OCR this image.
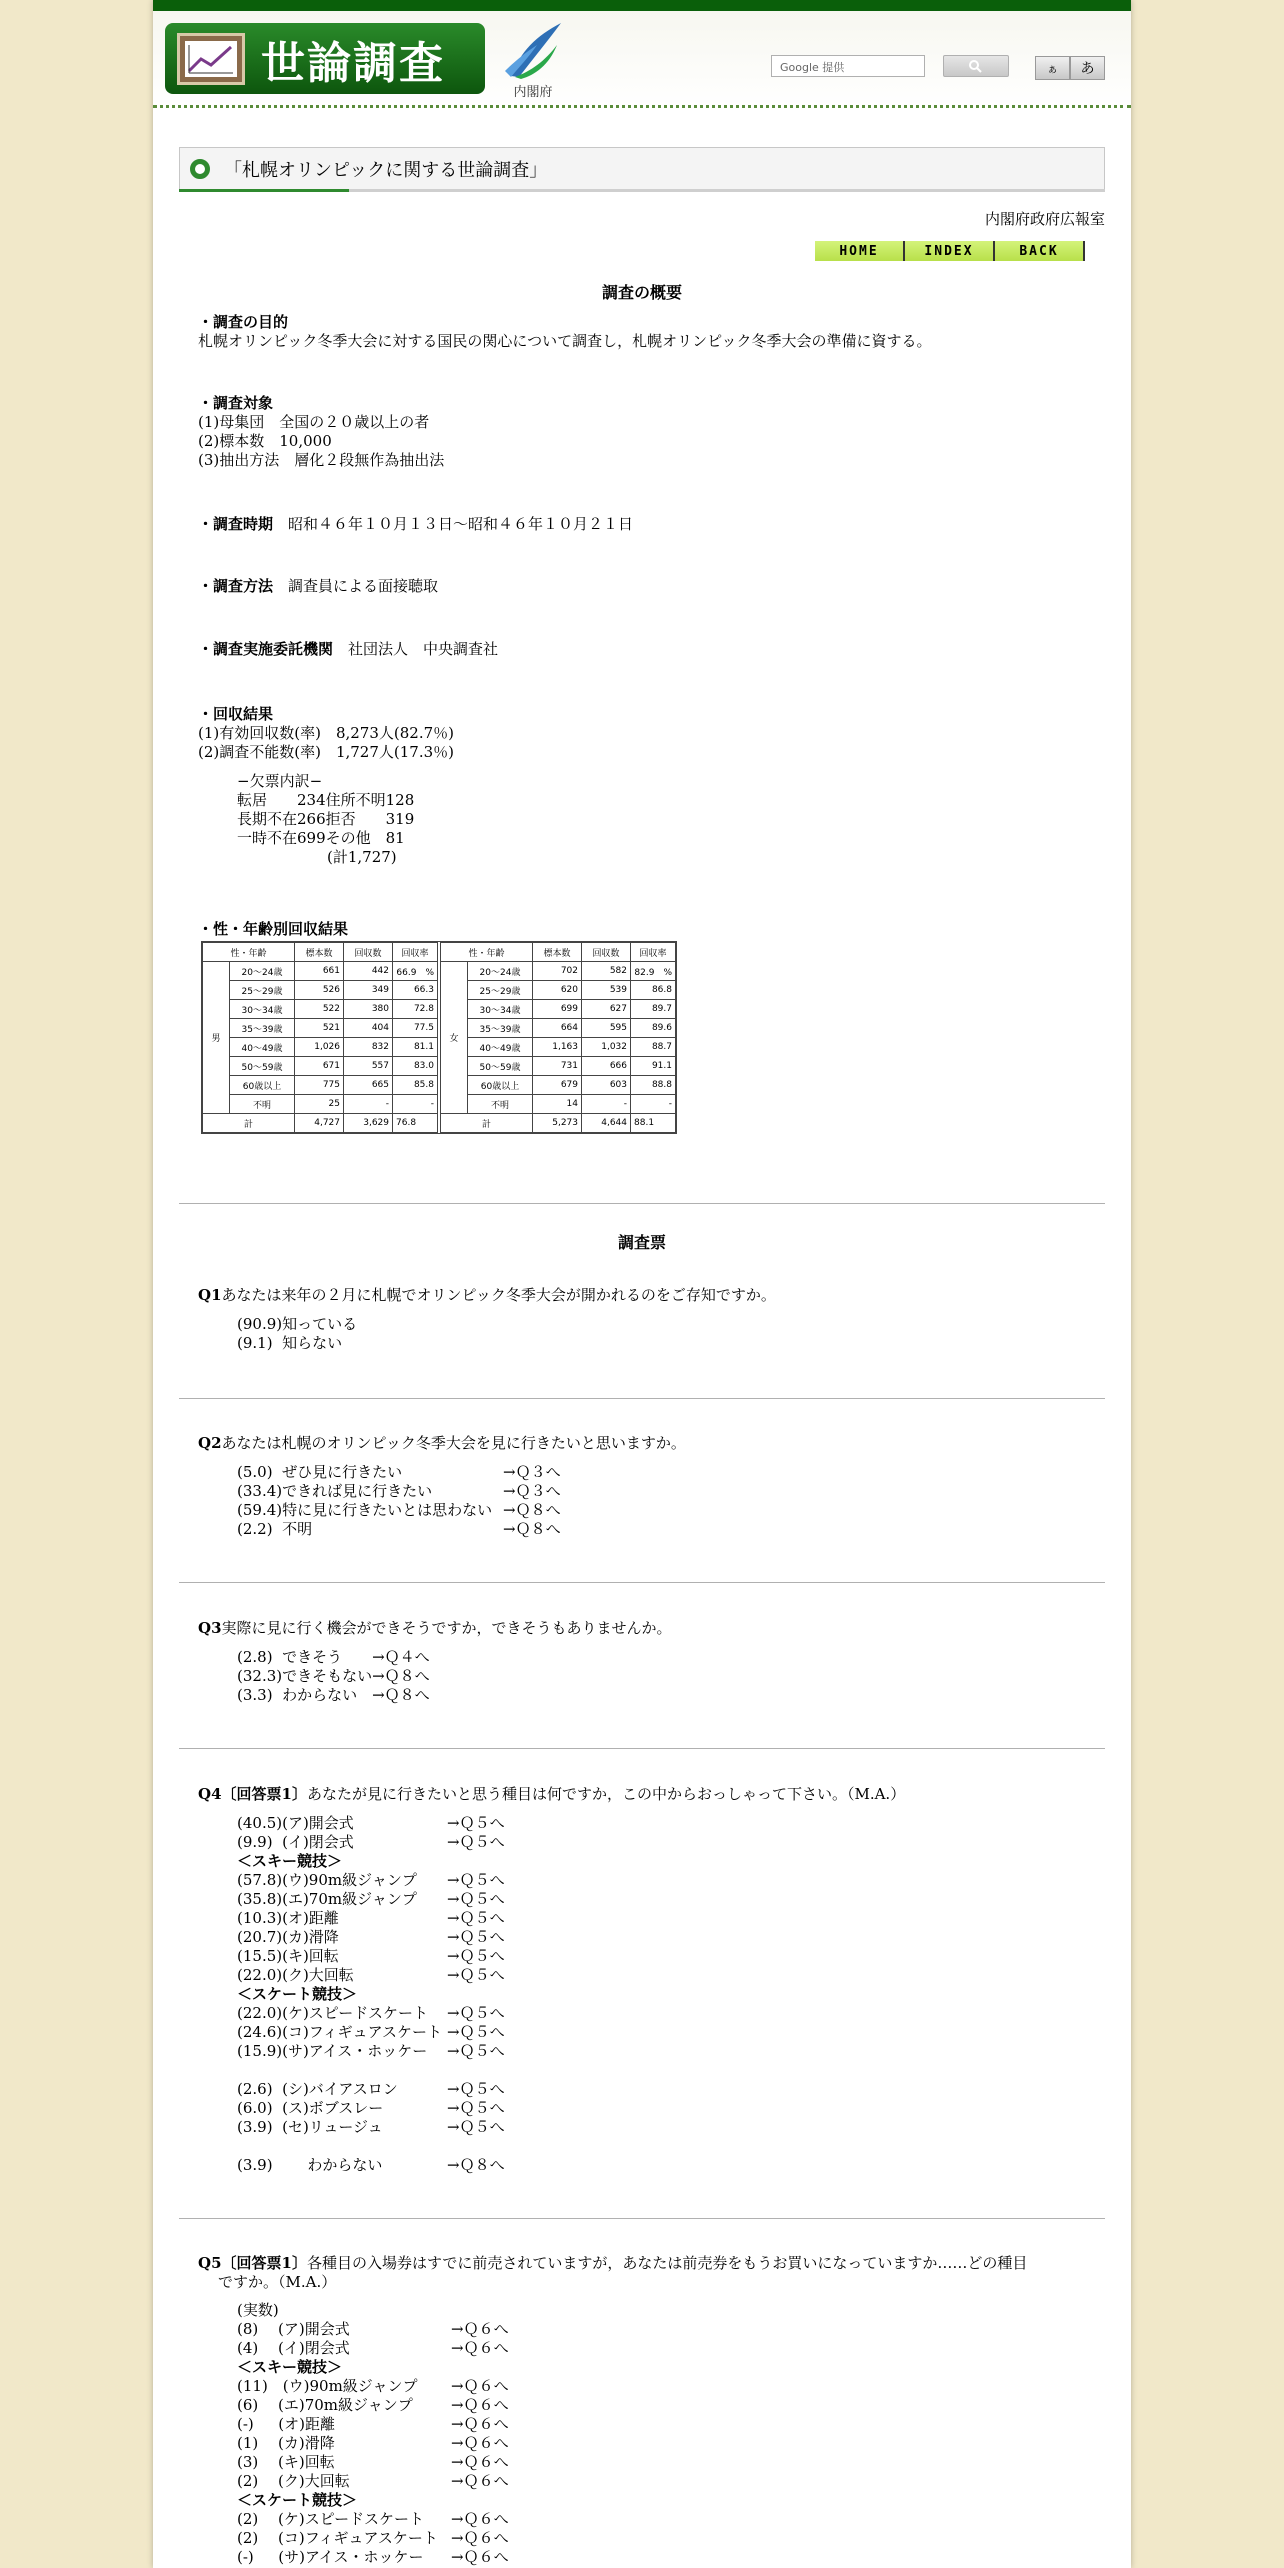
世論調査
内閣府
Google 提供	ぁ	あ
「札幌オリンピックに関する世論調査」
内閣府政府広報室
HOME	INDEX	BACK
調査の概要
・調査の目的
札幌オリンピック冬季大会に対する国民の関心について調査し，札幌オリンピック冬季大会の準備に資する。
・調査対象
(1)母集団　全国の２０歳以上の者
(2)標本数　10,000
(3)抽出方法　層化２段無作為抽出法
・調査時期　 昭和４６年１０月１３日〜昭和４６年１０月２１日
・調査方法　 調査員による面接聴取
・調査実施委託機関　 社団法人　中央調査社
・回収結果
(1)有効回収数(率)　8,273人(82.7％)
(2)調査不能数(率)　1,727人(17.3％)
−欠票内訳−
転居　　234住所不明128
長期不在266拒否　　319
一時不在699その他　81
　　　　　　(計1,727)
・性・年齢別回収結果
性・年齢		標本数	回収数	回収率
男	20〜24歳	661	442	66.9　%
	25〜29歳	526	349	66.3
	30〜34歳	522	380	72.8
	35〜39歳	521	404	77.5
	40〜49歳	1,026	832	81.1
	50〜59歳	671	557	83.0
	60歳以上	775	665	85.8
	不明	25	-	-
計		4,727	3,629	76.8
性・年齢		標本数	回収数	回収率
女	20〜24歳	702	582	82.9　%
	25〜29歳	620	539	86.8
	30〜34歳	699	627	89.7
	35〜39歳	664	595	89.6
	40〜49歳	1,163	1,032	88.7
	50〜59歳	731	666	91.1
	60歳以上	679	603	88.8
	不明	14	-	-
計		5,273	4,644	88.1
調査票
Q1あなたは来年の２月に札幌でオリンピック冬季大会が開かれるのをご存知ですか。
(90.9)知っている
(9.1)  知らない
Q2あなたは札幌のオリンピック冬季大会を見に行きたいと思いますか。
(5.0)  ぜひ見に行きたい	→Ｑ３へ
(33.4)できれば見に行きたい	→Ｑ３へ
(59.4)特に見に行きたいとは思わない →Ｑ８へ
(2.2)  不明	→Ｑ８へ
Q3実際に見に行く機会ができそうですか，できそうもありませんか。
(2.8)  できそう　　→Ｑ４へ
(32.3)できそもない→Ｑ８へ
(3.3)  わからない　→Ｑ８へ
Q4〔回答票1〕あなたが見に行きたいと思う種目は何ですか，この中からおっしゃって下さい。（M.A.）
(40.5)(ア)開会式	→Ｑ５へ
(9.9)  (イ)閉会式	→Ｑ５へ
＜スキー競技＞
(57.8)(ウ)90m級ジャンプ →Ｑ５へ
(35.8)(エ)70m級ジャンプ →Ｑ５へ
(10.3)(オ)距離	→Ｑ５へ
(20.7)(カ)滑降	→Ｑ５へ
(15.5)(キ)回転	→Ｑ５へ
(22.0)(ク)大回転	→Ｑ５へ
＜スケート競技＞
(22.0)(ケ)スピードスケート →Ｑ５へ
(24.6)(コ)フィギュアスケート →Ｑ５へ
(15.9)(サ)アイス・ホッケー →Ｑ５へ
(2.6)  (シ)バイアスロン	→Ｑ５へ
(6.0)  (ス)ボブスレー	→Ｑ５へ
(3.9)  (セ)リュージュ	→Ｑ５へ
(3.9)　　 わからない	→Ｑ８へ
Q5〔回答票1〕各種目の入場券はすでに前売されていますが，あなたは前売券をもうお買いになっていますか……どの種目
ですか。（M.A.）
(実数)
(8)　 (ア)開会式	→Ｑ６へ
(4)　 (イ)閉会式	→Ｑ６へ
＜スキー競技＞
(11)　(ウ)90m級ジャンプ →Ｑ６へ
(6)　 (エ)70m級ジャンプ	→Ｑ６へ
(-)　  (オ)距離	→Ｑ６へ
(1)　 (カ)滑降	→Ｑ６へ
(3)　 (キ)回転	→Ｑ６へ
(2)　 (ク)大回転	→Ｑ６へ
＜スケート競技＞
(2)　 (ケ)スピードスケート →Ｑ６へ
(2)　 (コ)フィギュアスケート →Ｑ６へ
(-)　  (サ)アイス・ホッケー →Ｑ６へ
